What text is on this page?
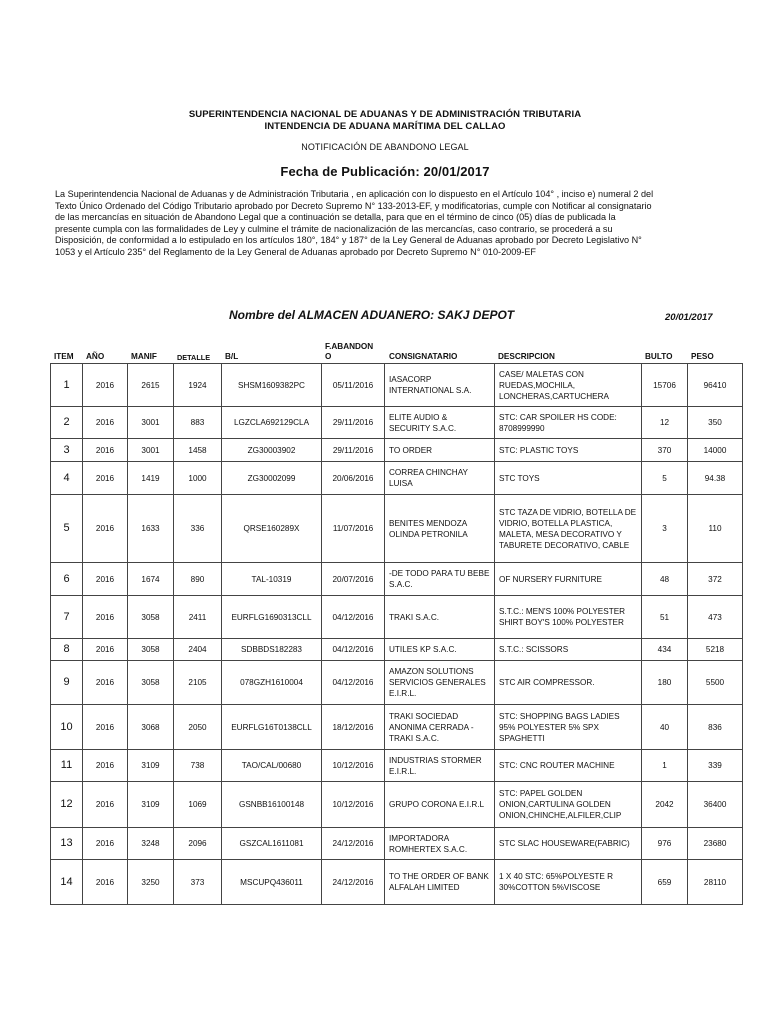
SUPERINTENDENCIA NACIONAL DE ADUANAS Y DE ADMINISTRACIÓN TRIBUTARIA
INTENDENCIA DE ADUANA MARÍTIMA DEL CALLAO
NOTIFICACIÓN DE ABANDONO LEGAL
Fecha de Publicación: 20/01/2017
La Superintendencia Nacional de Aduanas y de Administración Tributaria , en aplicación con lo dispuesto en el Artículo 104° , inciso e) numeral 2 del
Texto Único Ordenado del Código Tributario aprobado por Decreto Supremo N° 133-2013-EF, y modificatorias, cumple con Notificar al consignatario
de las mercancías en situación de Abandono Legal que a continuación se detalla, para que en el término de cinco (05) días de publicada la
presente cumpla con las formalidades de Ley y culmine el trámite de nacionalización de las mercancías, caso contrario, se procederá a su
Disposición, de conformidad a lo estipulado en los artículos 180°, 184° y 187° de la Ley General de Aduanas aprobado por Decreto Legislativo N°
1053 y el Artículo 235° del Reglamento de la Ley General de Aduanas aprobado por Decreto Supremo N° 010-2009-EF
Nombre del ALMACEN ADUANERO: SAKJ DEPOT	20/01/2017
ITEM AÑO	MANIF	DETALLE B/L
F.ABANDON
O	CONSIGNATARIO	DESCRIPCION	BULTO PESO
1	2016	2615	1924	SHSM1609382PC	05/11/2016	IASACORP INTERNATIONAL S.A.	CASE/ MALETAS CON RUEDAS,MOCHILA, LONCHERAS,CARTUCHERA	15706	96410
2	2016	3001	883	LGZCLA692129CLA	29/11/2016	ELITE AUDIO & SECURITY S.A.C.	STC: CAR SPOILER HS CODE: 8708999990	12	350
3	2016	3001	1458	ZG30003902	29/11/2016	TO ORDER	STC: PLASTIC TOYS	370	14000
4	2016	1419	1000	ZG30002099	20/06/2016	CORREA CHINCHAY LUISA	STC TOYS	5	94.38
5	2016	1633	336	QRSE160289X	11/07/2016	BENITES MENDOZA OLINDA PETRONILA	STC TAZA DE VIDRIO, BOTELLA DE VIDRIO, BOTELLA PLASTICA, MALETA, MESA DECORATIVO Y TABURETE DECORATIVO, CABLE	3	110
6	2016	1674	890	TAL-10319	20/07/2016	-DE TODO PARA TU BEBE S.A.C.	OF NURSERY FURNITURE	48	372
7	2016	3058	2411	EURFLG1690313CLL	04/12/2016	TRAKI S.A.C.	S.T.C.: MEN'S 100% POLYESTER SHIRT BOY'S 100% POLYESTER	51	473
8	2016	3058	2404	SDBBDS182283	04/12/2016	UTILES KP S.A.C.	S.T.C.: SCISSORS	434	5218
9	2016	3058	2105	078GZH1610004	04/12/2016	AMAZON SOLUTIONS SERVICIOS GENERALES E.I.R.L.	STC AIR COMPRESSOR.	180	5500
10	2016	3068	2050	EURFLG16T0138CLL	18/12/2016	TRAKI SOCIEDAD ANONIMA CERRADA - TRAKI S.A.C.	STC: SHOPPING BAGS LADIES 95% POLYESTER 5% SPX SPAGHETTI	40	836
11	2016	3109	738	TAO/CAL/00680	10/12/2016	INDUSTRIAS STORMER E.I.R.L.	STC: CNC ROUTER MACHINE	1	339
12	2016	3109	1069	GSNBB16100148	10/12/2016	GRUPO CORONA E.I.R.L	STC: PAPEL GOLDEN ONION,CARTULINA GOLDEN ONION,CHINCHE,ALFILER,CLIP	2042	36400
13	2016	3248	2096	GSZCAL1611081	24/12/2016	IMPORTADORA ROMHERTEX S.A.C.	STC SLAC HOUSEWARE(FABRIC)	976	23680
14	2016	3250	373	MSCUPQ436011	24/12/2016	TO THE ORDER OF BANK ALFALAH LIMITED	1 X 40 STC: 65%POLYESTE R 30%COTTON 5%VISCOSE	659	28110
